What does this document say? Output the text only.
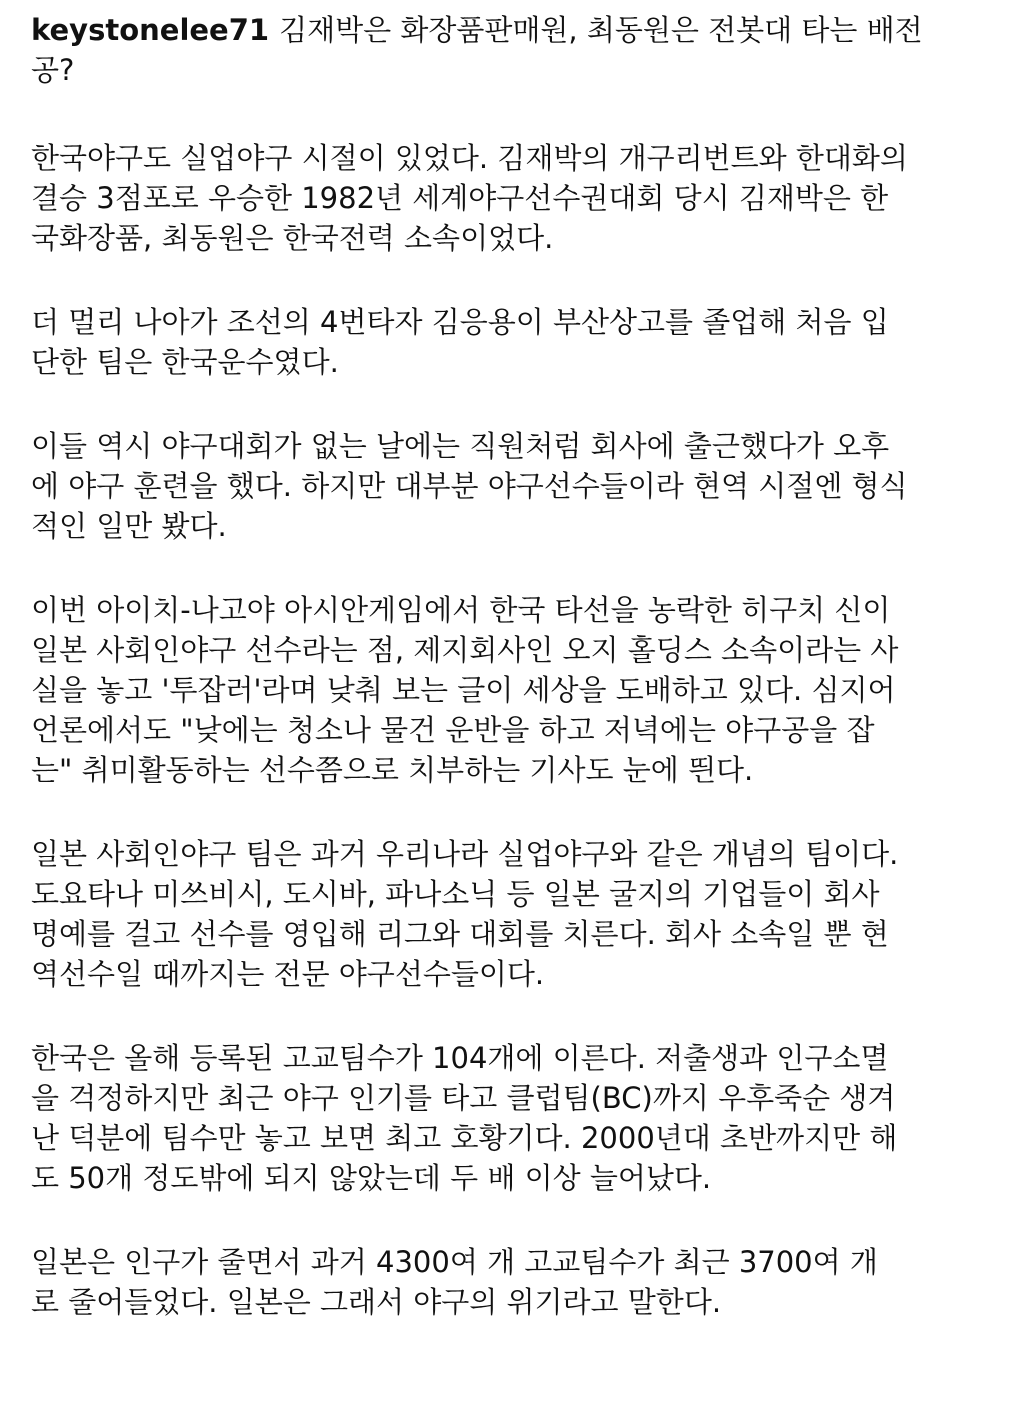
keystonelee71 김재박은 화장품판매원, 최동원은 전봇대 타는 배전
공?
한국야구도 실업야구 시절이 있었다. 김재박의 개구리번트와 한대화의
결승 3점포로 우승한 1982년 세계야구선수권대회 당시 김재박은 한
국화장품, 최동원은 한국전력 소속이었다.
더 멀리 나아가 조선의 4번타자 김응용이 부산상고를 졸업해 처음 입
단한 팀은 한국운수였다.
이들 역시 야구대회가 없는 날에는 직원처럼 회사에 출근했다가 오후
에 야구 훈련을 했다. 하지만 대부분 야구선수들이라 현역 시절엔 형식
적인 일만 봤다.
이번 아이치-나고야 아시안게임에서 한국 타선을 농락한 히구치 신이
일본 사회인야구 선수라는 점, 제지회사인 오지 홀딩스 소속이라는 사
실을 놓고 '투잡러'라며 낮춰 보는 글이 세상을 도배하고 있다. 심지어
언론에서도 "낮에는 청소나 물건 운반을 하고 저녁에는 야구공을 잡
는" 취미활동하는 선수쯤으로 치부하는 기사도 눈에 띈다.
일본 사회인야구 팀은 과거 우리나라 실업야구와 같은 개념의 팀이다.
도요타나 미쓰비시, 도시바, 파나소닉 등 일본 굴지의 기업들이 회사
명예를 걸고 선수를 영입해 리그와 대회를 치른다. 회사 소속일 뿐 현
역선수일 때까지는 전문 야구선수들이다.
한국은 올해 등록된 고교팀수가 104개에 이른다. 저출생과 인구소멸
을 걱정하지만 최근 야구 인기를 타고 클럽팀(BC)까지 우후죽순 생겨
난 덕분에 팀수만 놓고 보면 최고 호황기다. 2000년대 초반까지만 해
도 50개 정도밖에 되지 않았는데 두 배 이상 늘어났다.
일본은 인구가 줄면서 과거 4300여 개 고교팀수가 최근 3700여 개
로 줄어들었다. 일본은 그래서 야구의 위기라고 말한다.
